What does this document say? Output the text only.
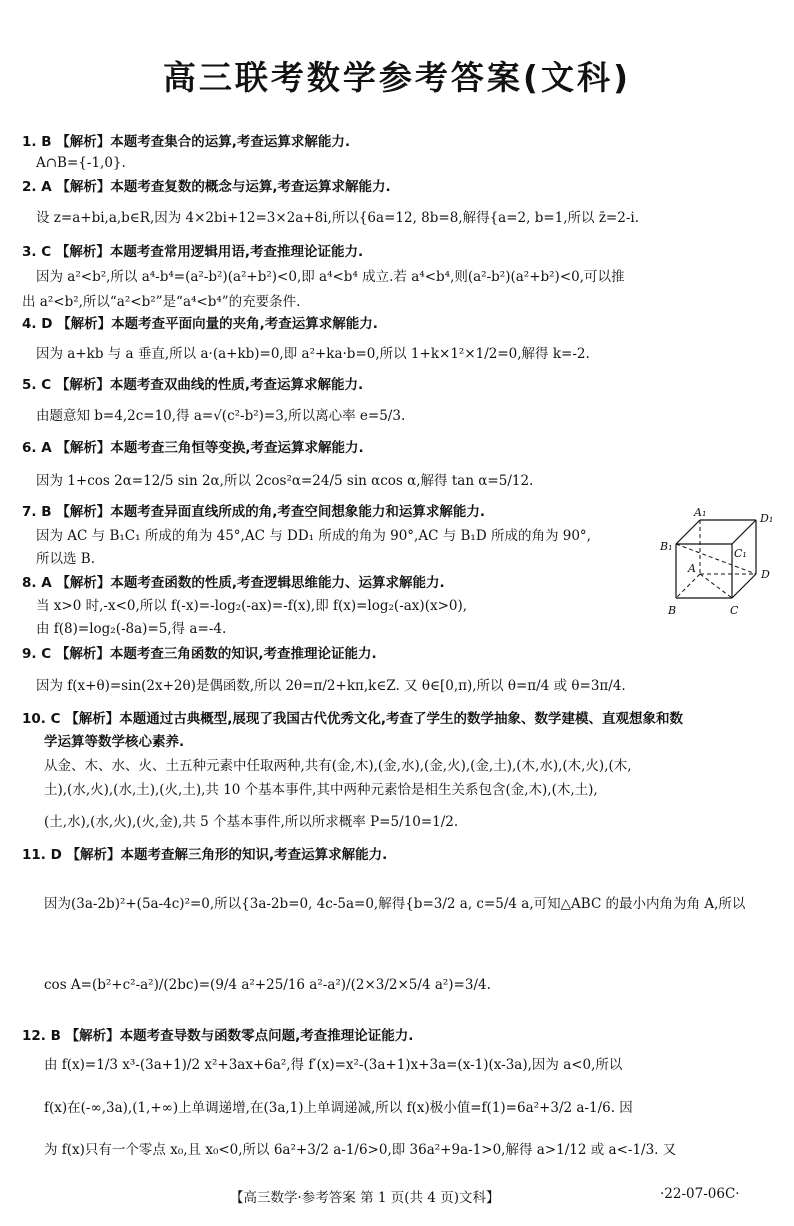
高三联考数学参考答案(文科)
1. B 【解析】本题考查集合的运算,考查运算求解能力.
A∩B={-1,0}.
2. A 【解析】本题考查复数的概念与运算,考查运算求解能力.
设 z=a+bi,a,b∈R,因为 4×2bi+12=3×2a+8i,所以{6a=12, 8b=8,解得{a=2, b=1,所以 z̄=2-i.
3. C 【解析】本题考查常用逻辑用语,考查推理论证能力.
因为 a²<b²,所以 a⁴-b⁴=(a²-b²)(a²+b²)<0,即 a⁴<b⁴ 成立.若 a⁴<b⁴,则(a²-b²)(a²+b²)<0,可以推
出 a²<b²,所以“a²<b²”是“a⁴<b⁴”的充要条件.
4. D 【解析】本题考查平面向量的夹角,考查运算求解能力.
因为 a+kb 与 a 垂直,所以 a·(a+kb)=0,即 a²+ka·b=0,所以 1+k×1²×1/2=0,解得 k=-2.
5. C 【解析】本题考查双曲线的性质,考查运算求解能力.
由题意知 b=4,2c=10,得 a=√(c²-b²)=3,所以离心率 e=5/3.
6. A 【解析】本题考查三角恒等变换,考查运算求解能力.
因为 1+cos 2α=12/5 sin 2α,所以 2cos²α=24/5 sin αcos α,解得 tan α=5/12.
7. B 【解析】本题考查异面直线所成的角,考查空间想象能力和运算求解能力.
因为 AC 与 B₁C₁ 所成的角为 45°,AC 与 DD₁ 所成的角为 90°,AC 与 B₁D 所成的角为 90°,
所以选 B.
8. A 【解析】本题考查函数的性质,考查逻辑思维能力、运算求解能力.
当 x>0 时,-x<0,所以 f(-x)=-log₂(-ax)=-f(x),即 f(x)=log₂(-ax)(x>0),
由 f(8)=log₂(-8a)=5,得 a=-4.
A₁	D₁
B₁
C₁
A	D
B	C
9. C 【解析】本题考查三角函数的知识,考查推理论证能力.
因为 f(x+θ)=sin(2x+2θ)是偶函数,所以 2θ=π/2+kπ,k∈Z. 又 θ∈[0,π),所以 θ=π/4 或 θ=3π/4.
10. C 【解析】本题通过古典概型,展现了我国古代优秀文化,考查了学生的数学抽象、数学建模、直观想象和数
学运算等数学核心素养.
从金、木、水、火、土五种元素中任取两种,共有(金,木),(金,水),(金,火),(金,土),(木,水),(木,火),(木,
土),(水,火),(水,土),(火,土),共 10 个基本事件,其中两种元素恰是相生关系包含(金,木),(木,土),
(土,水),(水,火),(火,金),共 5 个基本事件,所以所求概率 P=5/10=1/2.
11. D 【解析】本题考查解三角形的知识,考查运算求解能力.
因为(3a-2b)²+(5a-4c)²=0,所以{3a-2b=0, 4c-5a=0,解得{b=3/2 a, c=5/4 a,可知△ABC 的最小内角为角 A,所以
cos A=(b²+c²-a²)/(2bc)=(9/4 a²+25/16 a²-a²)/(2×3/2×5/4 a²)=3/4.
12. B 【解析】本题考查导数与函数零点问题,考查推理论证能力.
由 f(x)=1/3 x³-(3a+1)/2 x²+3ax+6a²,得 f′(x)=x²-(3a+1)x+3a=(x-1)(x-3a),因为 a<0,所以
f(x)在(-∞,3a),(1,+∞)上单调递增,在(3a,1)上单调递减,所以 f(x)极小值=f(1)=6a²+3/2 a-1/6. 因
为 f(x)只有一个零点 x₀,且 x₀<0,所以 6a²+3/2 a-1/6>0,即 36a²+9a-1>0,解得 a>1/12 或 a<-1/3. 又
【高三数学·参考答案 第 1 页(共 4 页)文科】	·22-07-06C·
